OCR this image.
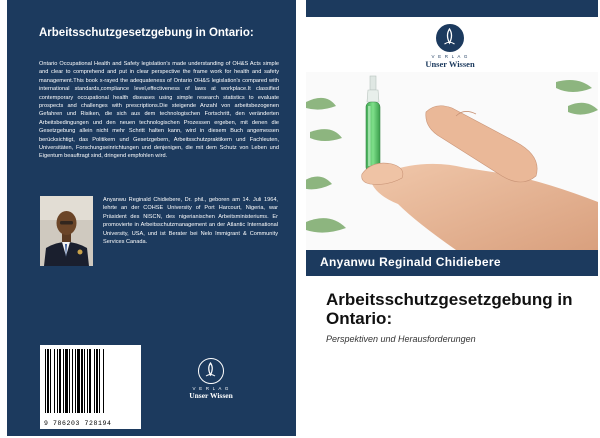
Arbeitsschutzgesetzgebung in Ontario:
Ontario Occupational Health and Safety legislation's made understanding of OH&S Acts simple and clear to comprehend and put in clear perspective the frame work for health and safety management.This book x-rayed the adequateness of Ontario OH&S legislation's compared with international standards,compliance level,effectiveness of laws at workplace.It classified contemporary occupational health diseases using simple research statistics to evaluate prospects and challenges with prescriptions.Die steigende Anzahl von arbeitsbezogenen Gefahren und Risiken, die sich aus dem technologischen Fortschritt, den veränderten Arbeitsbedingungen und den neuen technologischen Prozessen ergeben, mit denen die Gesetzgebung allein nicht mehr Schritt halten kann, wird in diesem Buch angemessen berücksichtigt, das Politikern und Gesetzgebern, Arbeitsschutzpraktikern und Fachleuten, Universitäten, Forschungseinrichtungen und denjenigen, die mit dem Schutz von Leben und Eigentum beauftragt sind, dringend empfohlen wird.
Anyanwu Reginald Chidiebere, Dr. phil., geboren am 14. Juli 1964, lehrte an der COHSE University of Port Harcourt, Nigeria, war Präsident des NISCN, des nigerianischen Arbeitsministeriums. Er promovierte in Arbeitsschutzmanagement an der Atlantic International University, USA, und ist Berater bei Nelo Immigrant & Community Services Canada.
9 786203 728194
V E R L A G
Unser Wissen
V E R L A G
Unser Wissen
Anyanwu Reginald Chidiebere
Arbeitsschutzgesetzgebung in Ontario:
Perspektiven und Herausforderungen
